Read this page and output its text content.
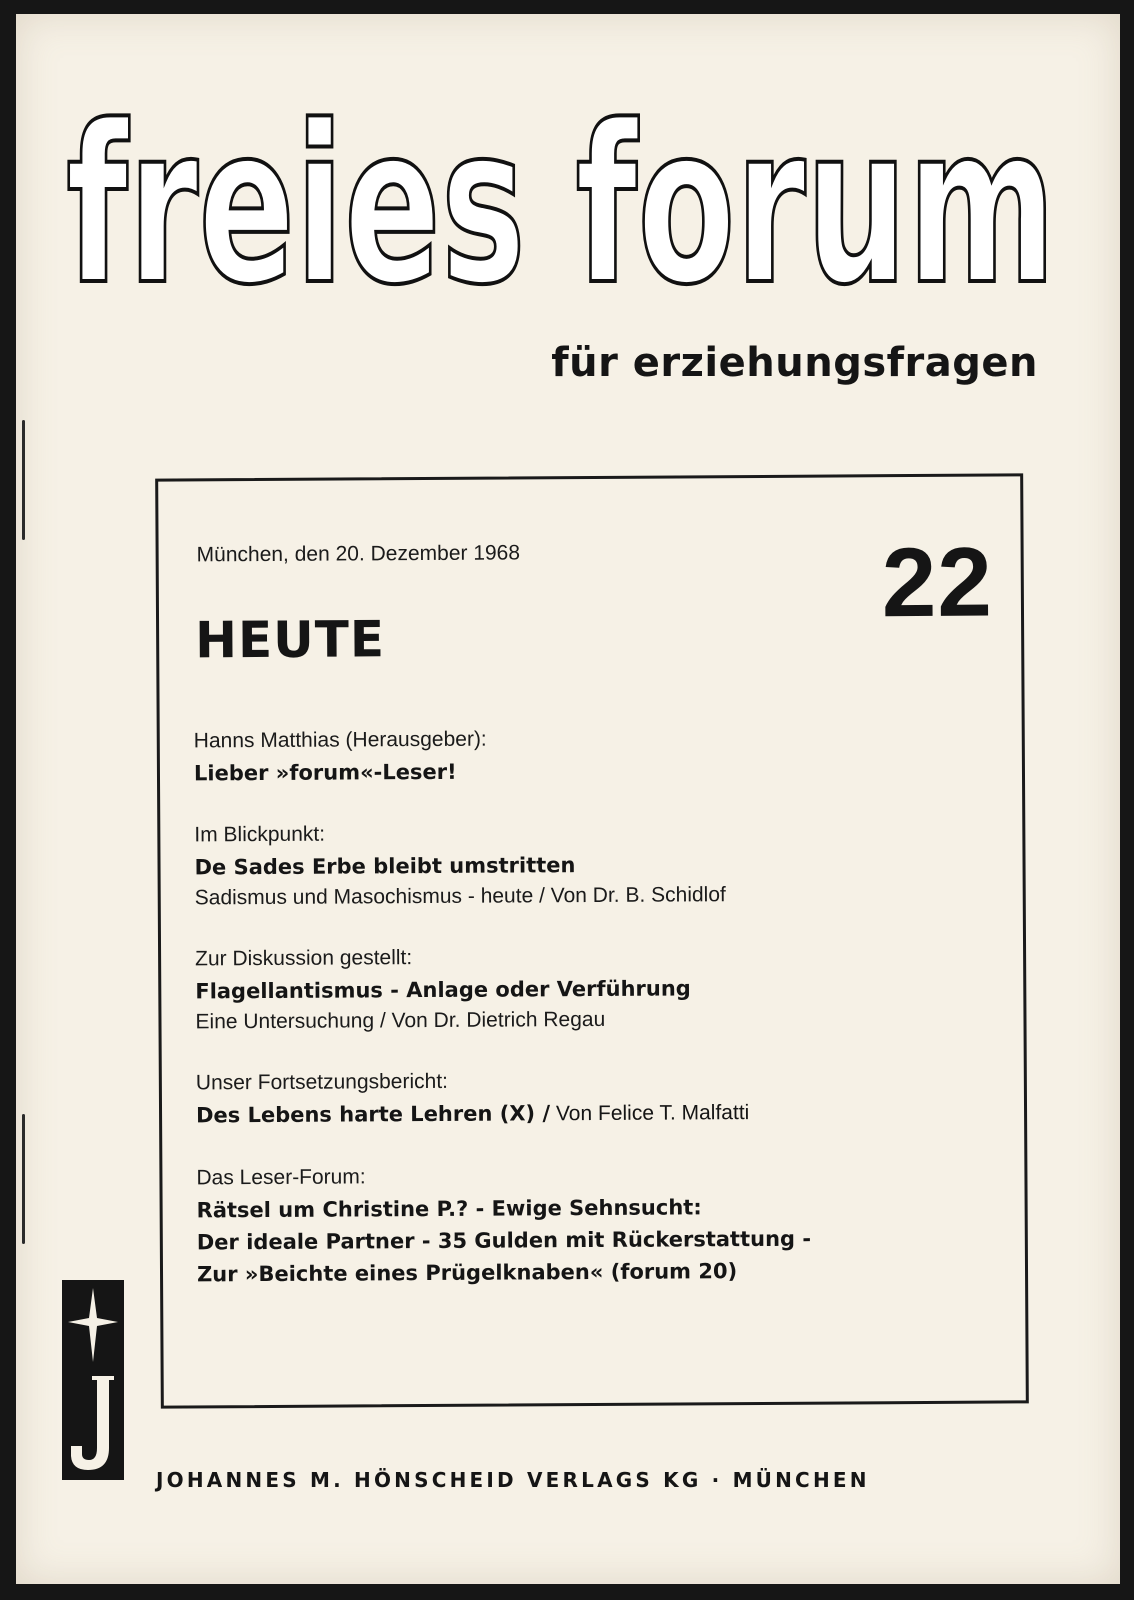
freies forum
für erziehungsfragen
München, den 20. Dezember 1968	22
HEUTE
Hanns Matthias (Herausgeber):
Lieber »forum«-Leser!
Im Blickpunkt:
De Sades Erbe bleibt umstritten
Sadismus und Masochismus - heute / Von Dr. B. Schidlof
Zur Diskussion gestellt:
Flagellantismus - Anlage oder Verführung
Eine Untersuchung / Von Dr. Dietrich Regau
Unser Fortsetzungsbericht:
Des Lebens harte Lehren (X) / Von Felice T. Malfatti
Das Leser-Forum:
Rätsel um Christine P.? - Ewige Sehnsucht:
Der ideale Partner - 35 Gulden mit Rückerstattung -
Zur »Beichte eines Prügelknaben« (forum 20)
JOHANNES M. HÖNSCHEID VERLAGS KG · MÜNCHEN
